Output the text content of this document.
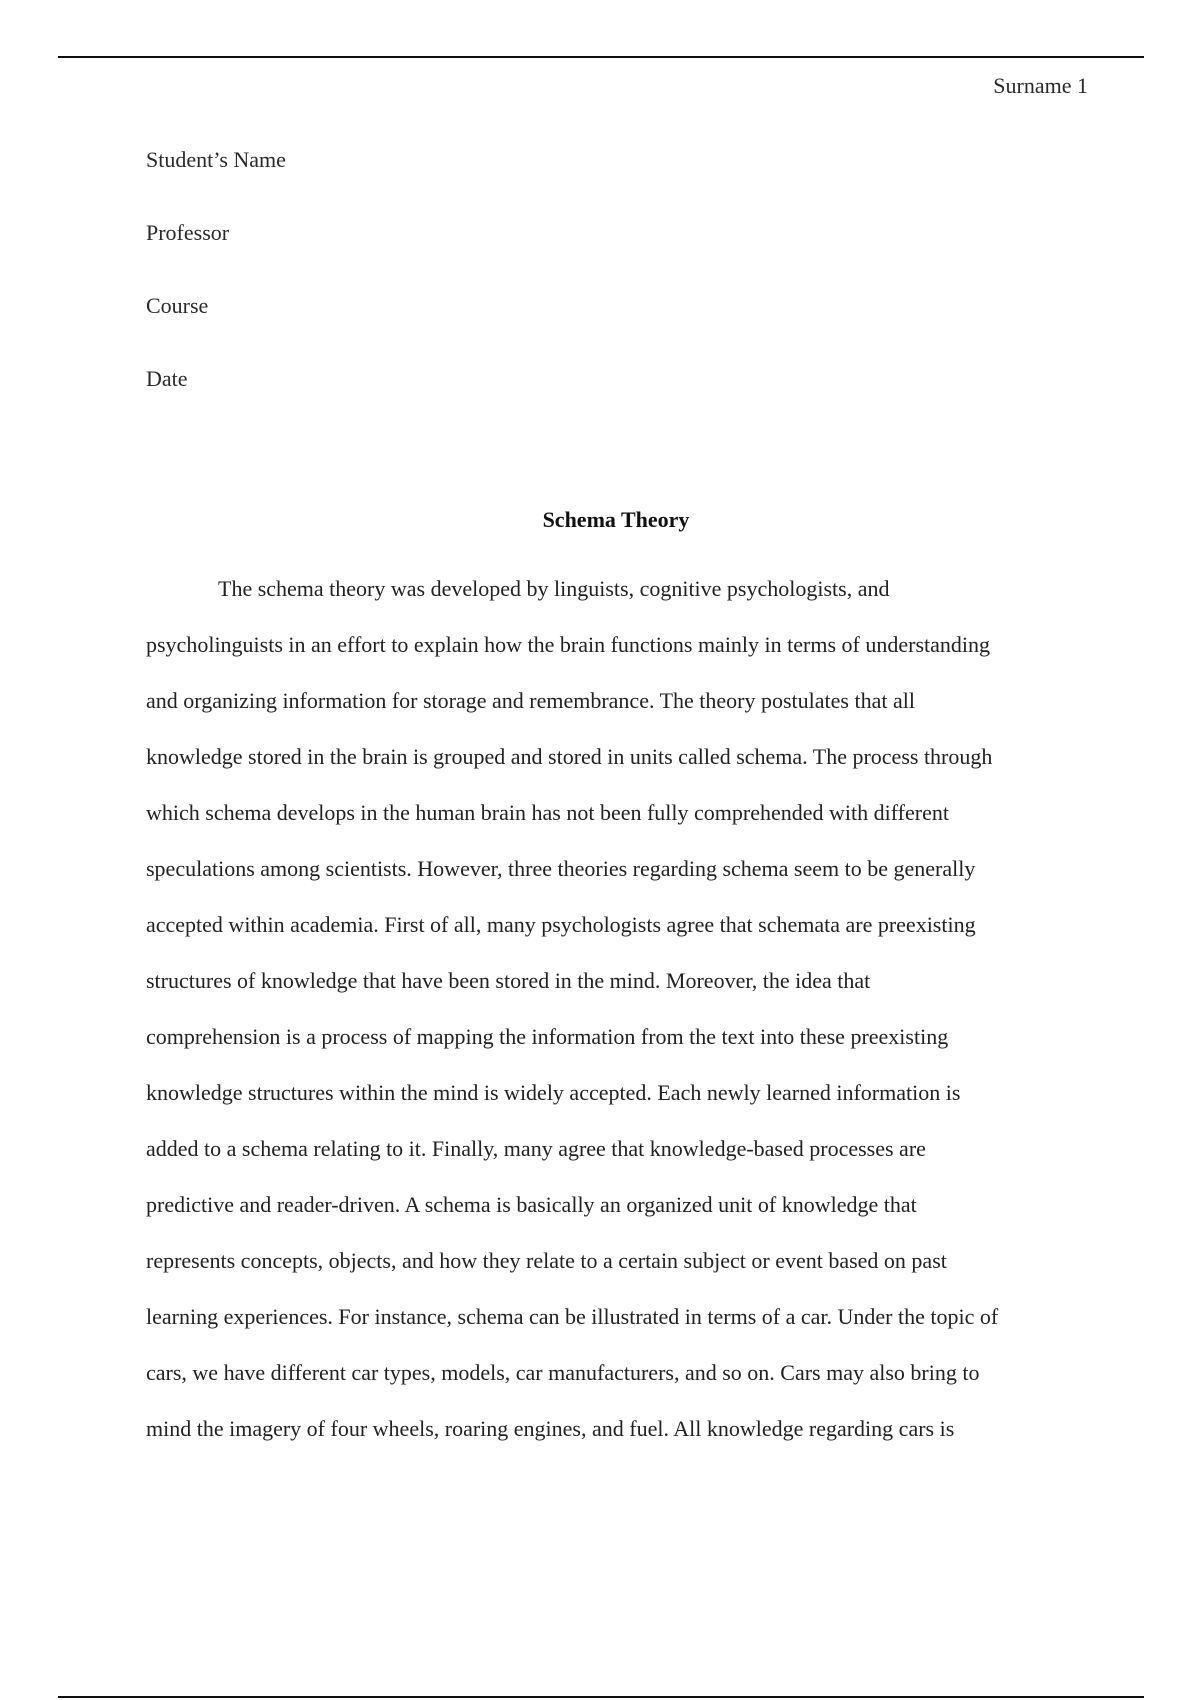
Surname 1
Student’s Name
Professor
Course
Date
Schema Theory
The schema theory was developed by linguists, cognitive psychologists, and
psycholinguists in an effort to explain how the brain functions mainly in terms of understanding
and organizing information for storage and remembrance. The theory postulates that all
knowledge stored in the brain is grouped and stored in units called schema. The process through
which schema develops in the human brain has not been fully comprehended with different
speculations among scientists. However, three theories regarding schema seem to be generally
accepted within academia. First of all, many psychologists agree that schemata are preexisting
structures of knowledge that have been stored in the mind. Moreover, the idea that
comprehension is a process of mapping the information from the text into these preexisting
knowledge structures within the mind is widely accepted. Each newly learned information is
added to a schema relating to it. Finally, many agree that knowledge-based processes are
predictive and reader-driven. A schema is basically an organized unit of knowledge that
represents concepts, objects, and how they relate to a certain subject or event based on past
learning experiences. For instance, schema can be illustrated in terms of a car. Under the topic of
cars, we have different car types, models, car manufacturers, and so on. Cars may also bring to
mind the imagery of four wheels, roaring engines, and fuel. All knowledge regarding cars is
